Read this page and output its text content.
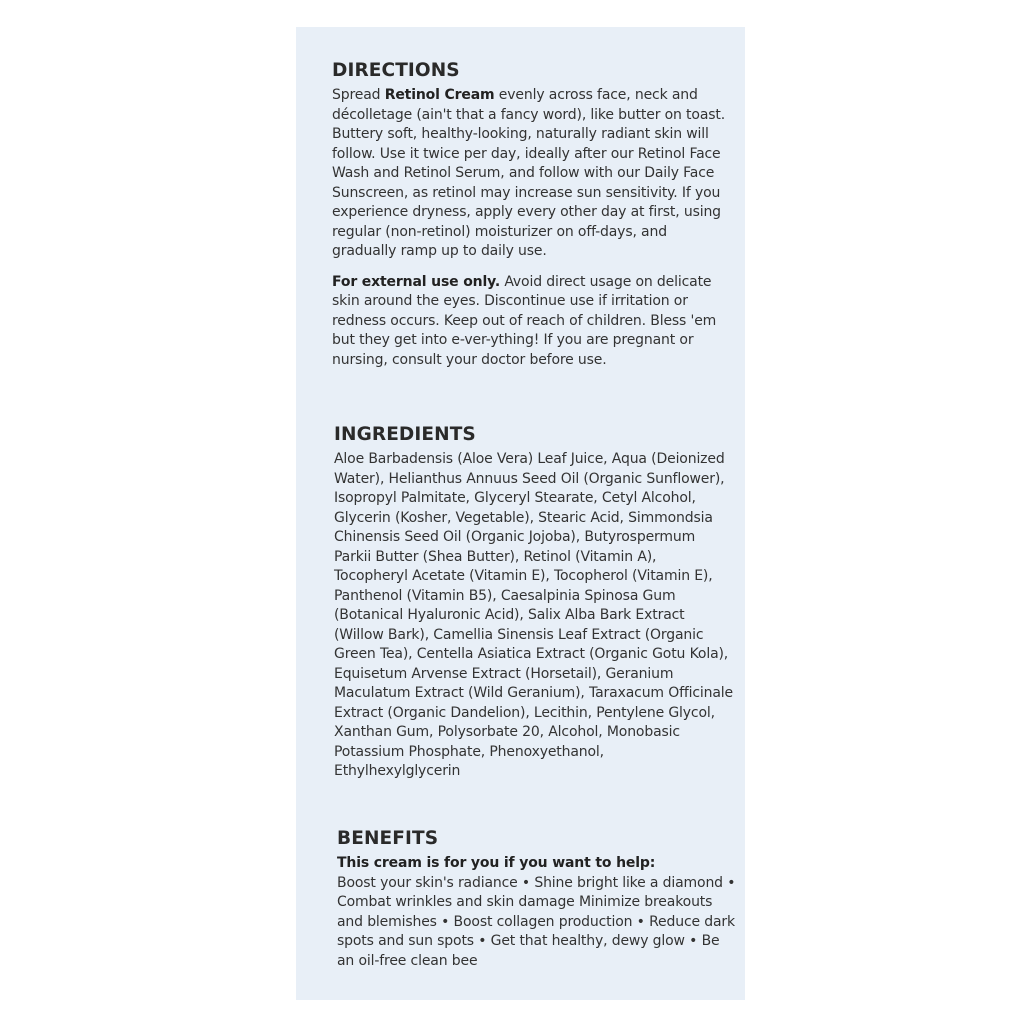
DIRECTIONS

Spread Retinol Cream evenly across face, neck and décolletage (ain't that a fancy word), like butter on toast. Buttery soft, healthy-looking, naturally radiant skin will follow. Use it twice per day, ideally after our Retinol Face Wash and Retinol Serum, and follow with our Daily Face Sunscreen, as retinol may increase sun sensitivity. If you experience dryness, apply every other day at first, using regular (non-retinol) moisturizer on off-days, and gradually ramp up to daily use.

For external use only. Avoid direct usage on delicate skin around the eyes. Discontinue use if irritation or redness occurs. Keep out of reach of children. Bless 'em but they get into e-ver-ything! If you are pregnant or nursing, consult your doctor before use.

INGREDIENTS

Aloe Barbadensis (Aloe Vera) Leaf Juice, Aqua (Deionized Water), Helianthus Annuus Seed Oil (Organic Sunflower), Isopropyl Palmitate, Glyceryl Stearate, Cetyl Alcohol, Glycerin (Kosher, Vegetable), Stearic Acid, Simmondsia Chinensis Seed Oil (Organic Jojoba), Butyrospermum Parkii Butter (Shea Butter), Retinol (Vitamin A), Tocopheryl Acetate (Vitamin E), Tocopherol (Vitamin E), Panthenol (Vitamin B5), Caesalpinia Spinosa Gum (Botanical Hyaluronic Acid), Salix Alba Bark Extract (Willow Bark), Camellia Sinensis Leaf Extract (Organic Green Tea), Centella Asiatica Extract (Organic Gotu Kola), Equisetum Arvense Extract (Horsetail), Geranium Maculatum Extract (Wild Geranium), Taraxacum Officinale Extract (Organic Dandelion), Lecithin, Pentylene Glycol, Xanthan Gum, Polysorbate 20, Alcohol, Monobasic Potassium Phosphate, Phenoxyethanol, Ethylhexylglycerin

BENEFITS

This cream is for you if you want to help:
Boost your skin's radiance • Shine bright like a diamond • Combat wrinkles and skin damage Minimize breakouts and blemishes • Boost collagen production • Reduce dark spots and sun spots • Get that healthy, dewy glow • Be an oil-free clean bee
